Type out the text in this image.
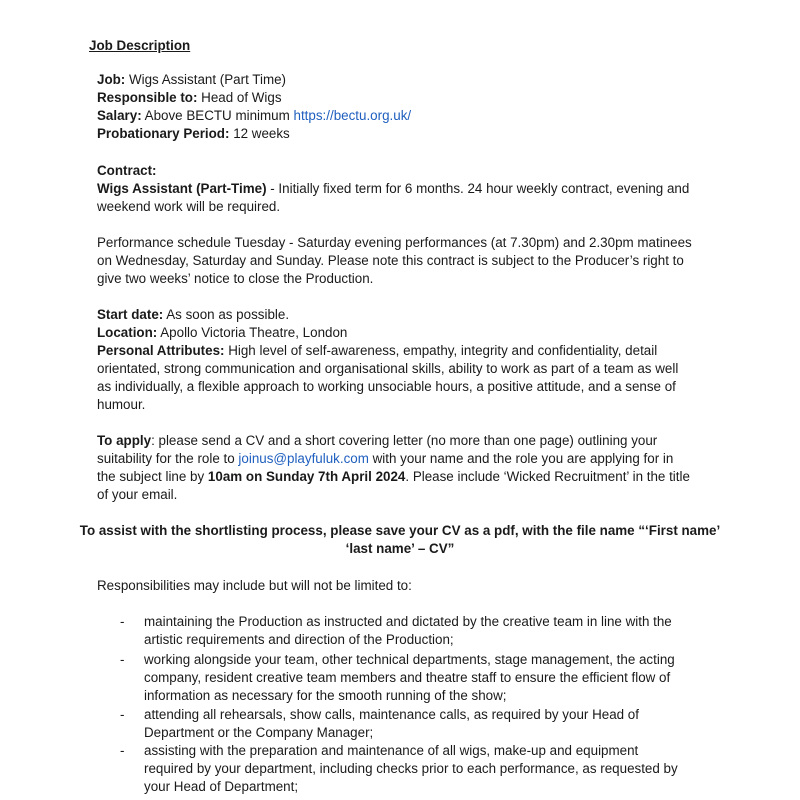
Job Description
Job: Wigs Assistant (Part Time)
Responsible to: Head of Wigs
Salary: Above BECTU minimum https://bectu.org.uk/
Probationary Period: 12 weeks
Contract:
Wigs Assistant (Part-Time) - Initially fixed term for 6 months. 24 hour weekly contract, evening and
weekend work will be required.
Performance schedule Tuesday - Saturday evening performances (at 7.30pm) and 2.30pm matinees
on Wednesday, Saturday and Sunday. Please note this contract is subject to the Producer’s right to
give two weeks’ notice to close the Production.
Start date: As soon as possible.
Location: Apollo Victoria Theatre, London
Personal Attributes: High level of self-awareness, empathy, integrity and confidentiality, detail
orientated, strong communication and organisational skills, ability to work as part of a team as well
as individually, a flexible approach to working unsociable hours, a positive attitude, and a sense of
humour.
To apply: please send a CV and a short covering letter (no more than one page) outlining your
suitability for the role to joinus@playfuluk.com with your name and the role you are applying for in
the subject line by 10am on Sunday 7th April 2024. Please include ‘Wicked Recruitment’ in the title
of your email.
To assist with the shortlisting process, please save your CV as a pdf, with the file name “‘First name’
‘last name’ – CV”
Responsibilities may include but will not be limited to:
- maintaining the Production as instructed and dictated by the creative team in line with the
artistic requirements and direction of the Production;
- working alongside your team, other technical departments, stage management, the acting
company, resident creative team members and theatre staff to ensure the efficient flow of
information as necessary for the smooth running of the show;
- attending all rehearsals, show calls, maintenance calls, as required by your Head of
Department or the Company Manager;
- assisting with the preparation and maintenance of all wigs, make-up and equipment
required by your department, including checks prior to each performance, as requested by
your Head of Department;
